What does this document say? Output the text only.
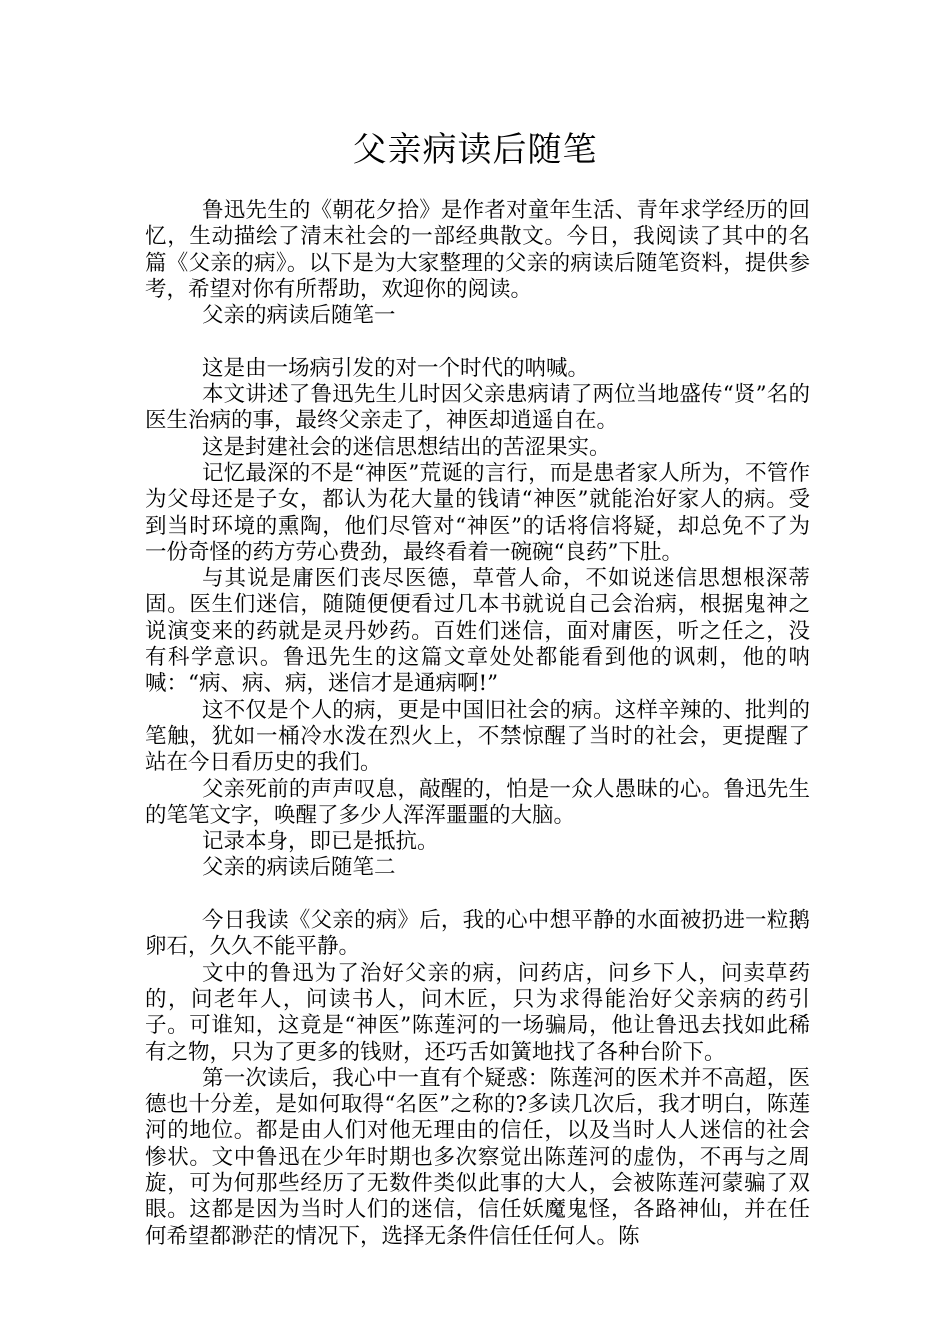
父亲病读后随笔

鲁迅先生的《朝花夕拾》是作者对童年生活、青年求学经历的回忆，生动描绘了清末社会的一部经典散文。今日，我阅读了其中的名篇《父亲的病》。以下是为大家整理的父亲的病读后随笔资料，提供参考，希望对你有所帮助，欢迎你的阅读。

父亲的病读后随笔一

这是由一场病引发的对一个时代的呐喊。

本文讲述了鲁迅先生儿时因父亲患病请了两位当地盛传“贤”名的医生治病的事，最终父亲走了，神医却逍遥自在。

这是封建社会的迷信思想结出的苦涩果实。

记忆最深的不是“神医”荒诞的言行，而是患者家人所为，不管作为父母还是子女，都认为花大量的钱请“神医”就能治好家人的病。受到当时环境的熏陶，他们尽管对“神医”的话将信将疑，却总免不了为一份奇怪的药方劳心费劲，最终看着一碗碗“良药”下肚。

与其说是庸医们丧尽医德，草菅人命，不如说迷信思想根深蒂固。医生们迷信，随随便便看过几本书就说自己会治病，根据鬼神之说演变来的药就是灵丹妙药。百姓们迷信，面对庸医，听之任之，没有科学意识。鲁迅先生的这篇文章处处都能看到他的讽刺，他的呐喊：“病、病、病，迷信才是通病啊!”

这不仅是个人的病，更是中国旧社会的病。这样辛辣的、批判的笔触，犹如一桶冷水泼在烈火上，不禁惊醒了当时的社会，更提醒了站在今日看历史的我们。

父亲死前的声声叹息，敲醒的，怕是一众人愚昧的心。鲁迅先生的笔笔文字，唤醒了多少人浑浑噩噩的大脑。

记录本身，即已是抵抗。

父亲的病读后随笔二

今日我读《父亲的病》后，我的心中想平静的水面被扔进一粒鹅卵石，久久不能平静。

文中的鲁迅为了治好父亲的病，问药店，问乡下人，问卖草药的，问老年人，问读书人，问木匠，只为求得能治好父亲病的药引子。可谁知，这竟是“神医”陈莲河的一场骗局，他让鲁迅去找如此稀有之物，只为了更多的钱财，还巧舌如簧地找了各种台阶下。

第一次读后，我心中一直有个疑惑：陈莲河的医术并不高超，医德也十分差，是如何取得“名医”之称的?多读几次后，我才明白，陈莲河的地位。都是由人们对他无理由的信任，以及当时人人迷信的社会惨状。文中鲁迅在少年时期也多次察觉出陈莲河的虚伪，不再与之周旋，可为何那些经历了无数件类似此事的大人，会被陈莲河蒙骗了双眼。这都是因为当时人们的迷信，信任妖魔鬼怪，各路神仙，并在任何希望都渺茫的情况下，选择无条件信任任何人。陈
